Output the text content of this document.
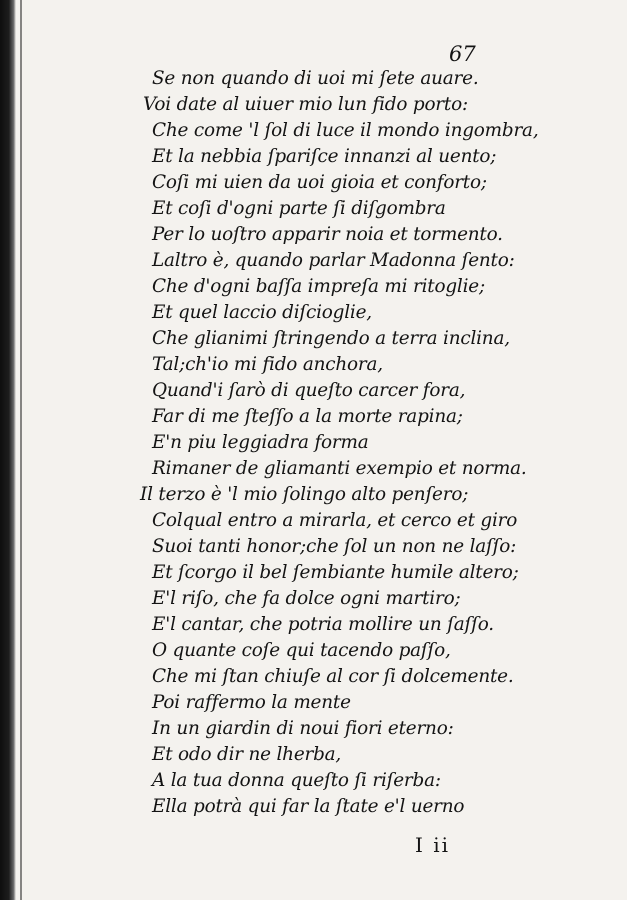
67
Se non quando di uoi mi ſete auare.
Voi date al uiuer mio lun fido porto:
Che come 'l ſol di luce il mondo ingombra,
Et la nebbia ſpariſce innanzi al uento;
Coſi mi uien da uoi gioia et conforto;
Et coſi d'ogni parte ſi diſgombra
Per lo uoſtro apparir noia et tormento.
Laltro è, quando parlar Madonna ſento:
Che d'ogni baſſa impreſa mi ritoglie;
Et quel laccio diſcioglie,
Che glianimi ſtringendo a terra inclina,
Tal;ch'io mi fido anchora,
Quand'i ſarò di queſto carcer fora,
Far di me ſteſſo a la morte rapina;
E'n piu leggiadra forma
Rimaner de gliamanti exempio et norma.
Il terzo è 'l mio ſolingo alto penſero;
Colqual entro a mirarla, et cerco et giro
Suoi tanti honor;che ſol un non ne laſſo:
Et ſcorgo il bel ſembiante humile altero;
E'l riſo, che fa dolce ogni martiro;
E'l cantar, che potria mollire un ſaſſo.
O quante coſe qui tacendo paſſo,
Che mi ſtan chiuſe al cor ſi dolcemente.
Poi raffermo la mente
In un giardin di noui fiori eterno:
Et odo dir ne lherba,
A la tua donna queſto ſi riſerba:
Ella potrà qui far la ſtate e'l uerno
I ii
